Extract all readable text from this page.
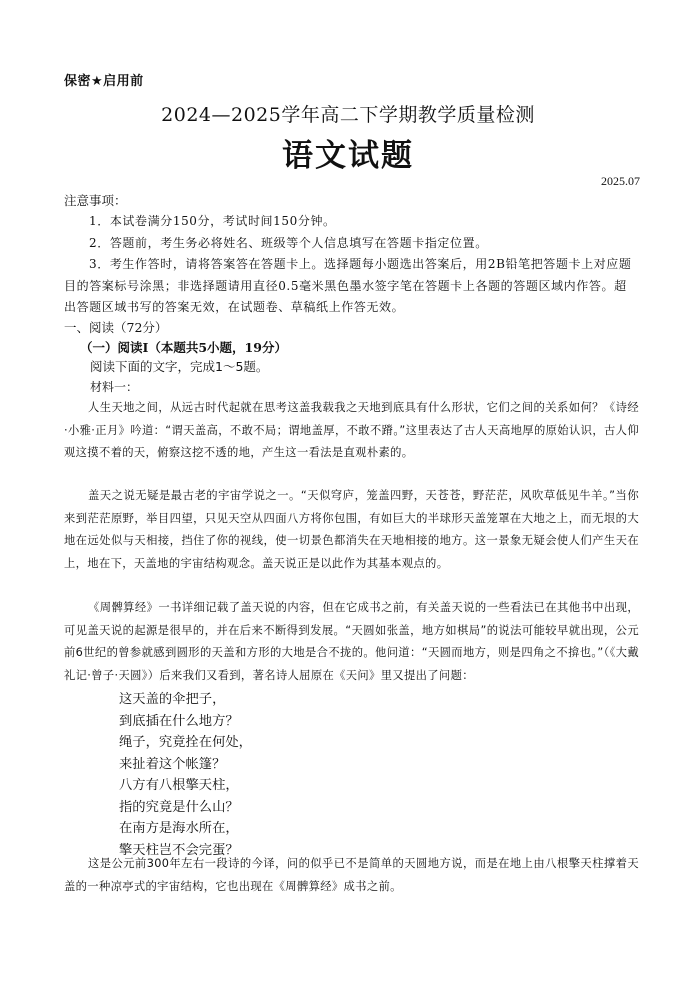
保密★启用前
2024—2025学年高二下学期教学质量检测
语文试题
2025.07
注意事项：

1．本试卷满分150分，考试时间150分钟。

2．答题前，考生务必将姓名、班级等个人信息填写在答题卡指定位置。

3．考生作答时，请将答案答在答题卡上。选择题每小题选出答案后，用2B铅笔把答题卡上对应题目的答案标号涂黑；非选择题请用直径0.5毫米黑色墨水签字笔在答题卡上各题的答题区域内作答。超出答题区域书写的答案无效，在试题卷、草稿纸上作答无效。

一、阅读（72分）
（一）阅读Ⅰ（本题共5小题，19分）
阅读下面的文字，完成1～5题。
材料一：

人生天地之间，从远古时代起就在思考这盖我载我之天地到底具有什么形状，它们之间的关系如何？《诗经·小雅·正月》吟道：“谓天盖高，不敢不局；谓地盖厚，不敢不蹐。”这里表达了古人天高地厚的原始认识，古人仰观这摸不着的天，俯察这挖不透的地，产生这一看法是直观朴素的。

盖天之说无疑是最古老的宇宙学说之一。“天似穹庐，笼盖四野，天苍苍，野茫茫，风吹草低见牛羊。”当你来到茫茫原野，举目四望，只见天空从四面八方将你包围，有如巨大的半球形天盖笼罩在大地之上，而无垠的大地在远处似与天相接，挡住了你的视线，使一切景色都消失在天地相接的地方。这一景象无疑会使人们产生天在上，地在下，天盖地的宇宙结构观念。盖天说正是以此作为其基本观点的。

《周髀算经》一书详细记载了盖天说的内容，但在它成书之前，有关盖天说的一些看法已在其他书中出现，可见盖天说的起源是很早的，并在后来不断得到发展。“天圆如张盖，地方如棋局”的说法可能较早就出现，公元前6世纪的曾参就感到圆形的天盖和方形的大地是合不拢的。他问道：“天圆而地方，则是四角之不揜也。”（《大戴礼记·曾子·天圆》）后来我们又看到，著名诗人屈原在《天问》里又提出了问题：

这天盖的伞把子，
到底插在什么地方？
绳子，究竟拴在何处，
来扯着这个帐篷？
八方有八根擎天柱，
指的究竟是什么山？
在南方是海水所在，
擎天柱岂不会完蛋？

这是公元前300年左右一段诗的今译，问的似乎已不是简单的天圆地方说，而是在地上由八根擎天柱撑着天盖的一种凉亭式的宇宙结构，它也出现在《周髀算经》成书之前。
